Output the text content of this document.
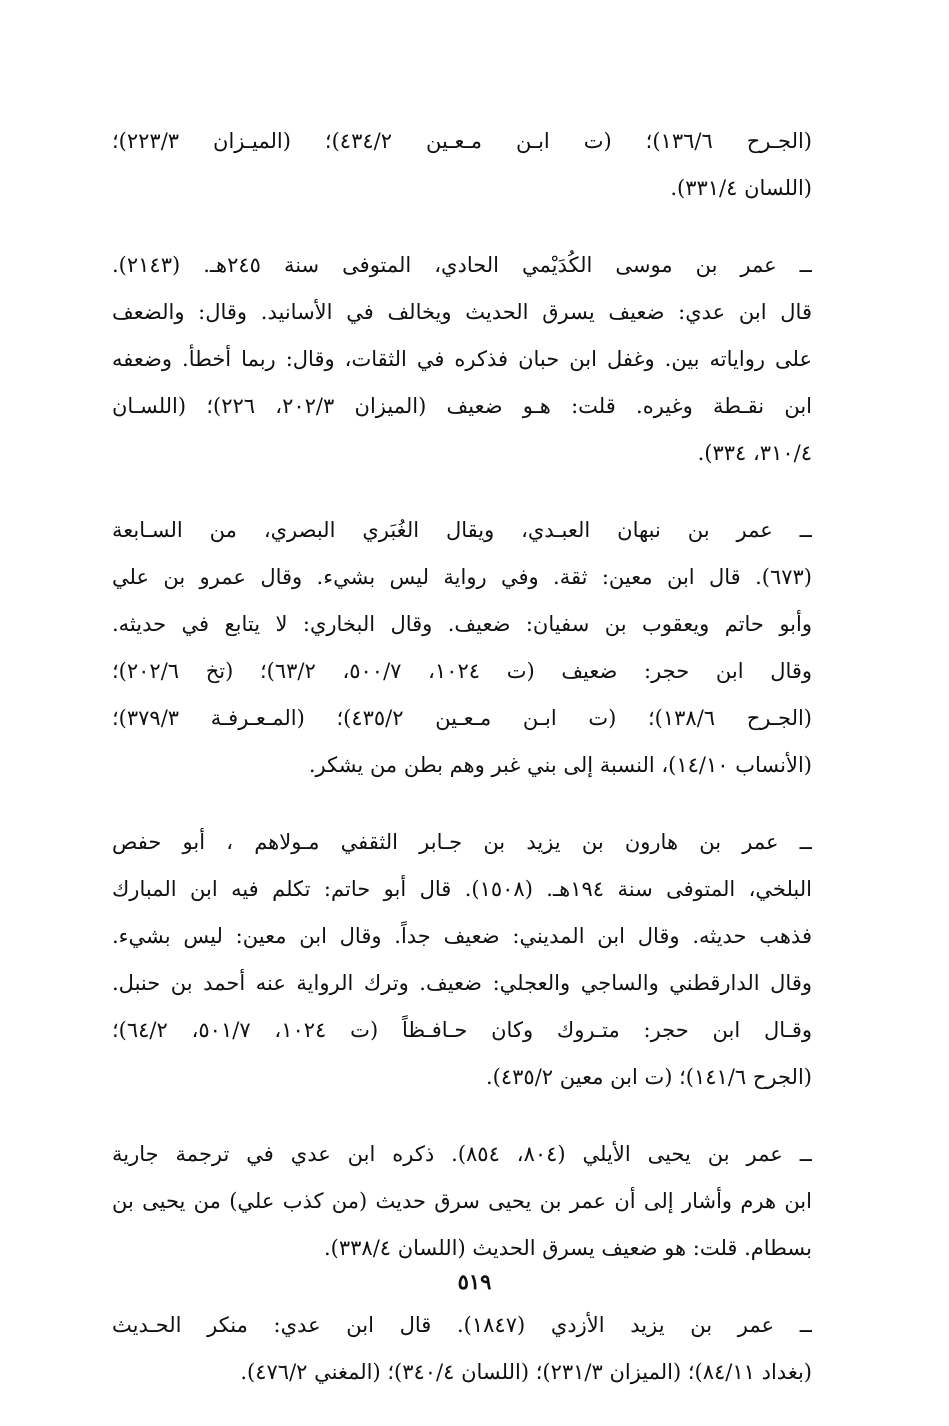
(الجـرح ١٣٦/٦)؛ (ت ابـن مـعـين ٤٣٤/٢)؛ (الميـزان ٢٢٣/٣)؛
(اللسان ٣٣١/٤).
ــ عمر بن موسى الكُدَيْمي الحادي، المتوفى سنة ٢٤٥هـ. (٢١٤٣).
قال ابن عدي: ضعيف يسرق الحديث ويخالف في الأسانيد. وقال: والضعف
على رواياته بين. وغفل ابن حبان فذكره في الثقات، وقال: ربما أخطأ. وضعفه
ابن نقـطة وغيره. قلت: هـو ضعيف (الميزان ٢٠٢/٣، ٢٢٦)؛ (اللسـان
٣١٠/٤، ٣٣٤).
ــ عمر بن نبهان العبـدي، ويقال الغُبَري البصري، من السـابعة
(٦٧٣). قال ابن معين: ثقة. وفي رواية ليس بشيء. وقال عمرو بن علي
وأبو حاتم ويعقوب بن سفيان: ضعيف. وقال البخاري: لا يتابع في حديثه.
وقال ابن حجر: ضعيف (ت ١٠٢٤، ٥٠٠/٧، ٦٣/٢)؛ (تخ ٢٠٢/٦)؛
(الجـرح ١٣٨/٦)؛ (ت ابـن مـعـين ٤٣٥/٢)؛ (المـعـرفـة ٣٧٩/٣)؛
(الأنساب ١٤/١٠)، النسبة إلى بني غبر وهم بطن من يشكر.
ــ عمر بن هارون بن يزيد بن جـابر الثقفي مـولاهم ، أبو حفص
البلخي، المتوفى سنة ١٩٤هـ. (١٥٠٨). قال أبو حاتم: تكلم فيه ابن المبارك
فذهب حديثه. وقال ابن المديني: ضعيف جداً. وقال ابن معين: ليس بشيء.
وقال الدارقطني والساجي والعجلي: ضعيف. وترك الرواية عنه أحمد بن حنبل.
وقـال ابن حجر: متـروك وكان حـافـظاً (ت ١٠٢٤، ٥٠١/٧، ٦٤/٢)؛
(الجرح ١٤١/٦)؛ (ت ابن معين ٤٣٥/٢).
ــ عمر بن يحيى الأيلي (٨٠٤، ٨٥٤). ذكره ابن عدي في ترجمة جارية
ابن هرم وأشار إلى أن عمر بن يحيى سرق حديث (من كذب علي) من يحيى بن
بسطام. قلت: هو ضعيف يسرق الحديث (اللسان ٣٣٨/٤).
ــ عمر بن يزيد الأزدي (١٨٤٧). قال ابن عدي: منكر الحـديث
(بغداد ٨٤/١١)؛ (الميزان ٢٣١/٣)؛ (اللسان ٣٤٠/٤)؛ (المغني ٤٧٦/٢).
٥١٩
